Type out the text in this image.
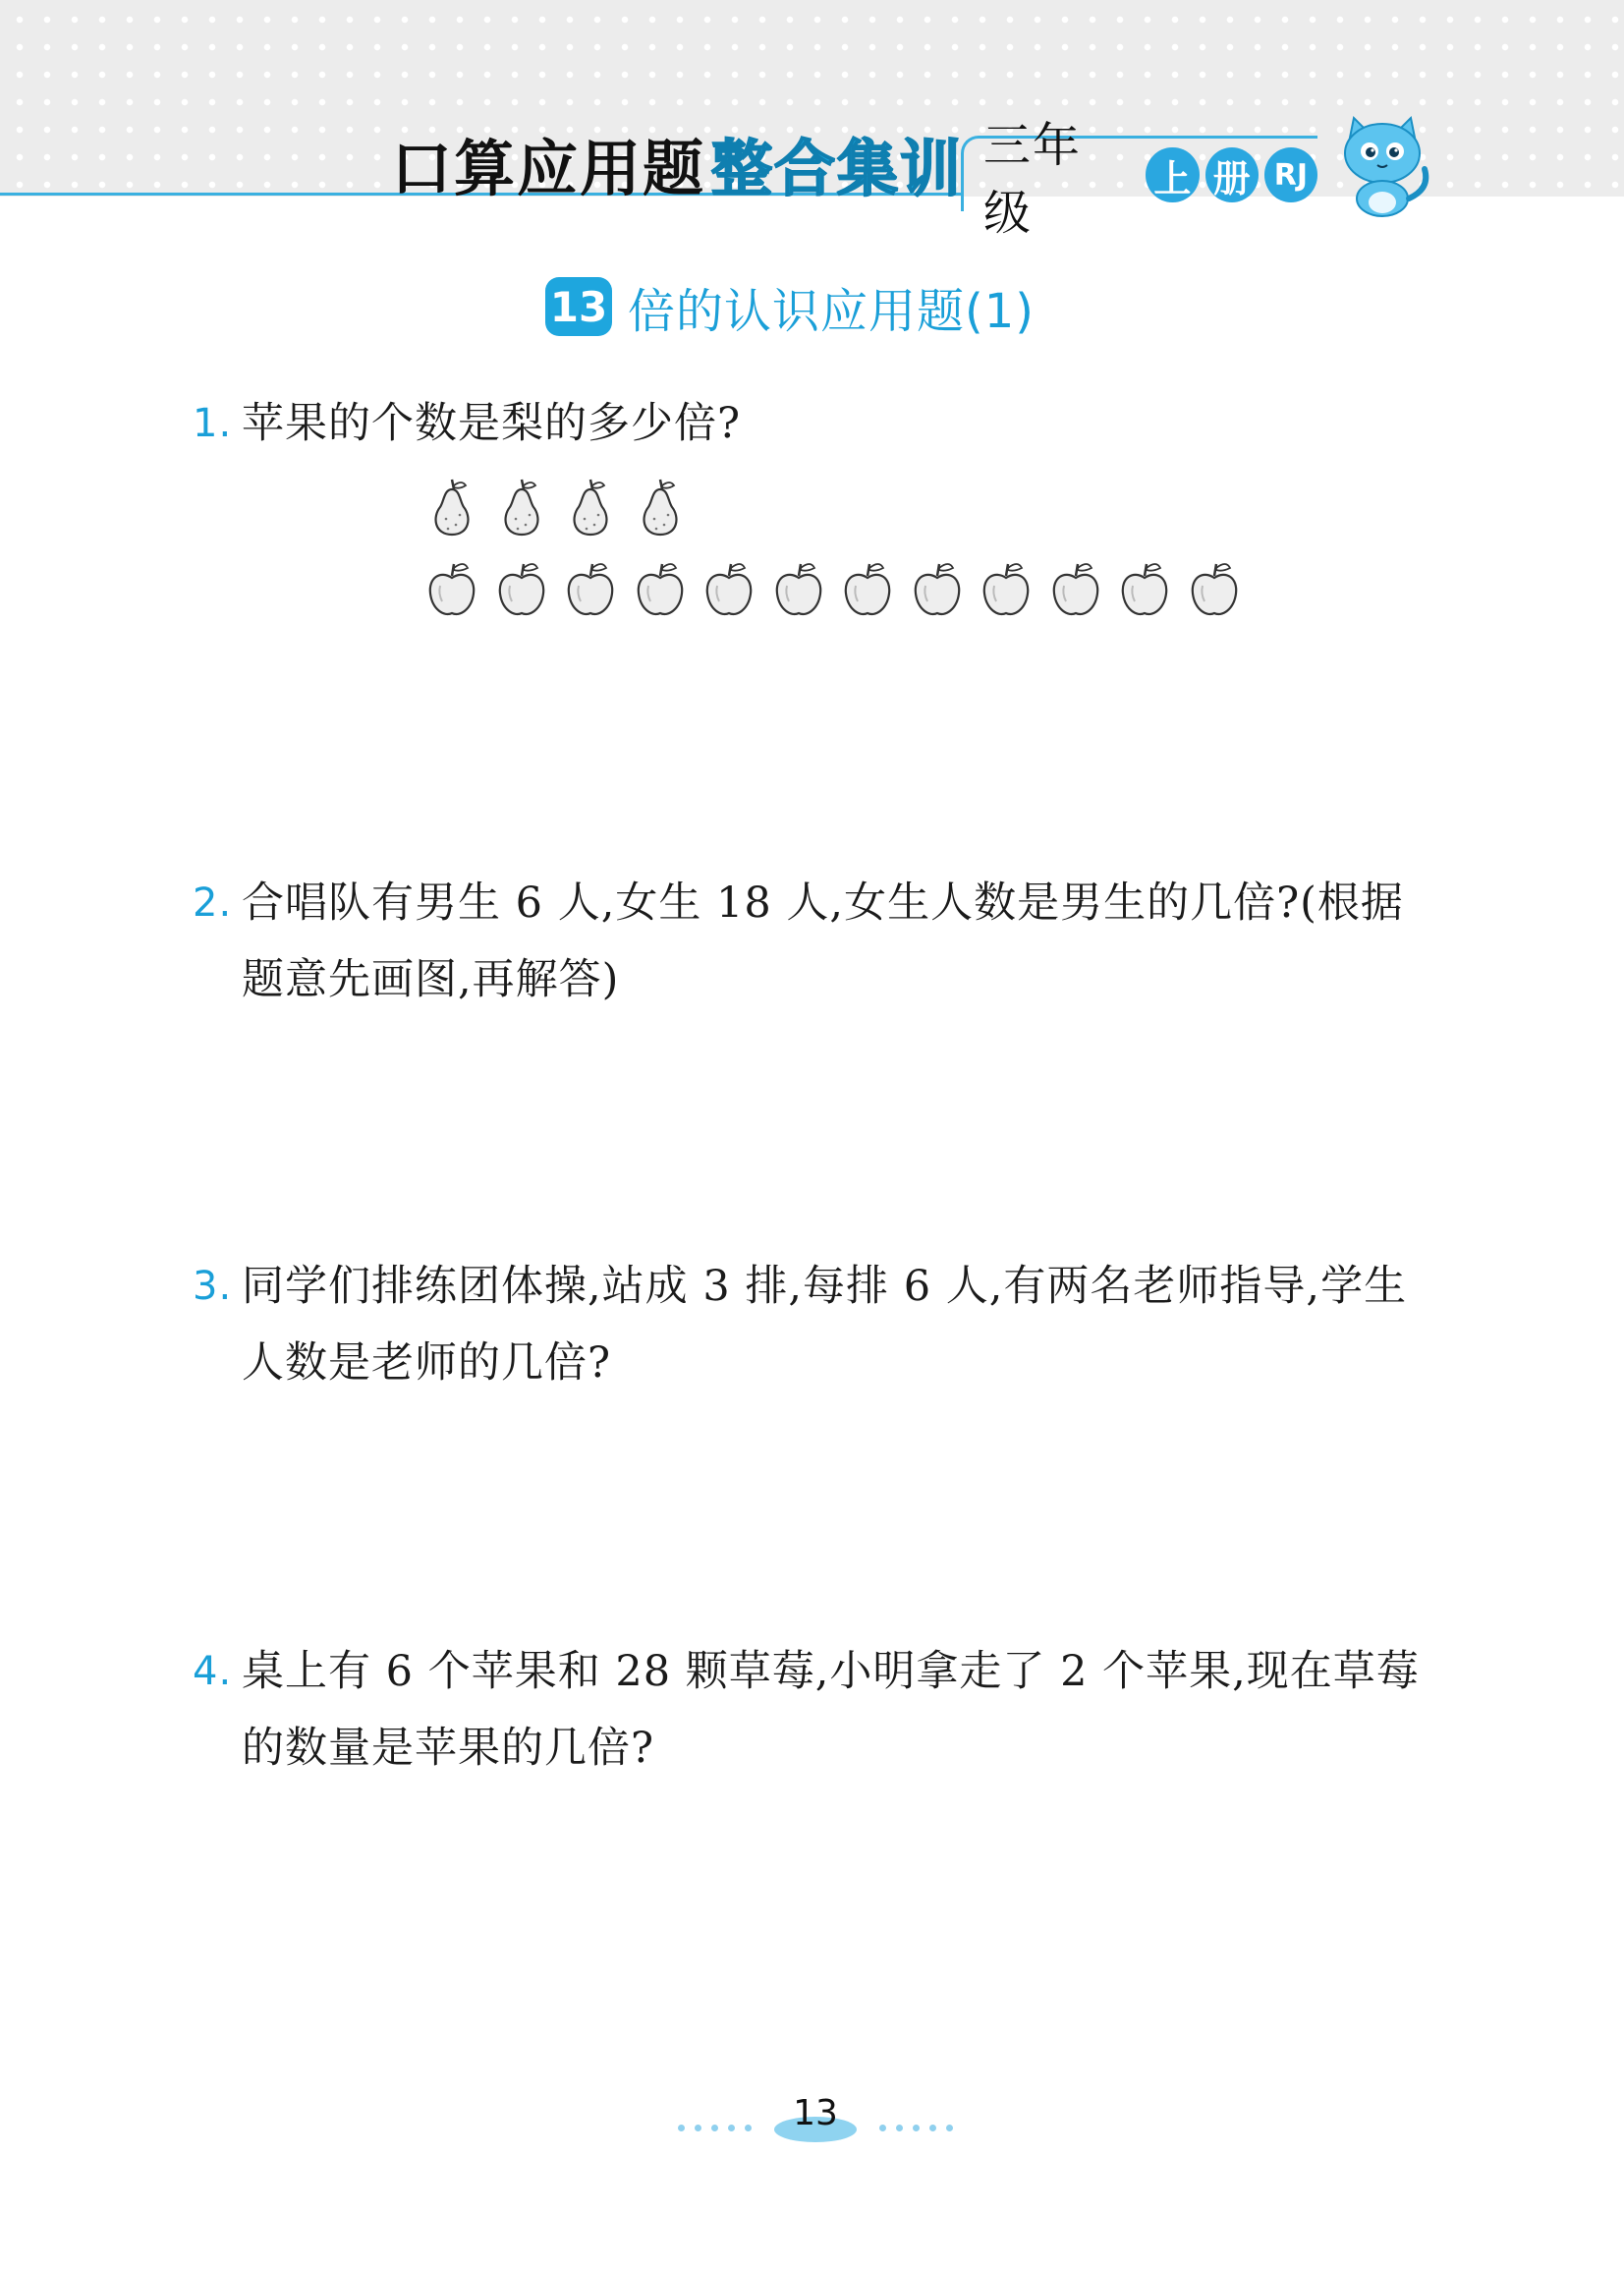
口算应用题 整合集训 三年级
上 册 RJ
13 倍的认识应用题(1)
1. 苹果的个数是梨的多少倍?
2. 合唱队有男生 6 人,女生 18 人,女生人数是男生的几倍?(根据题意先画图,再解答)
3. 同学们排练团体操,站成 3 排,每排 6 人,有两名老师指导,学生人数是老师的几倍?
4. 桌上有 6 个苹果和 28 颗草莓,小明拿走了 2 个苹果,现在草莓的数量是苹果的几倍?
13
